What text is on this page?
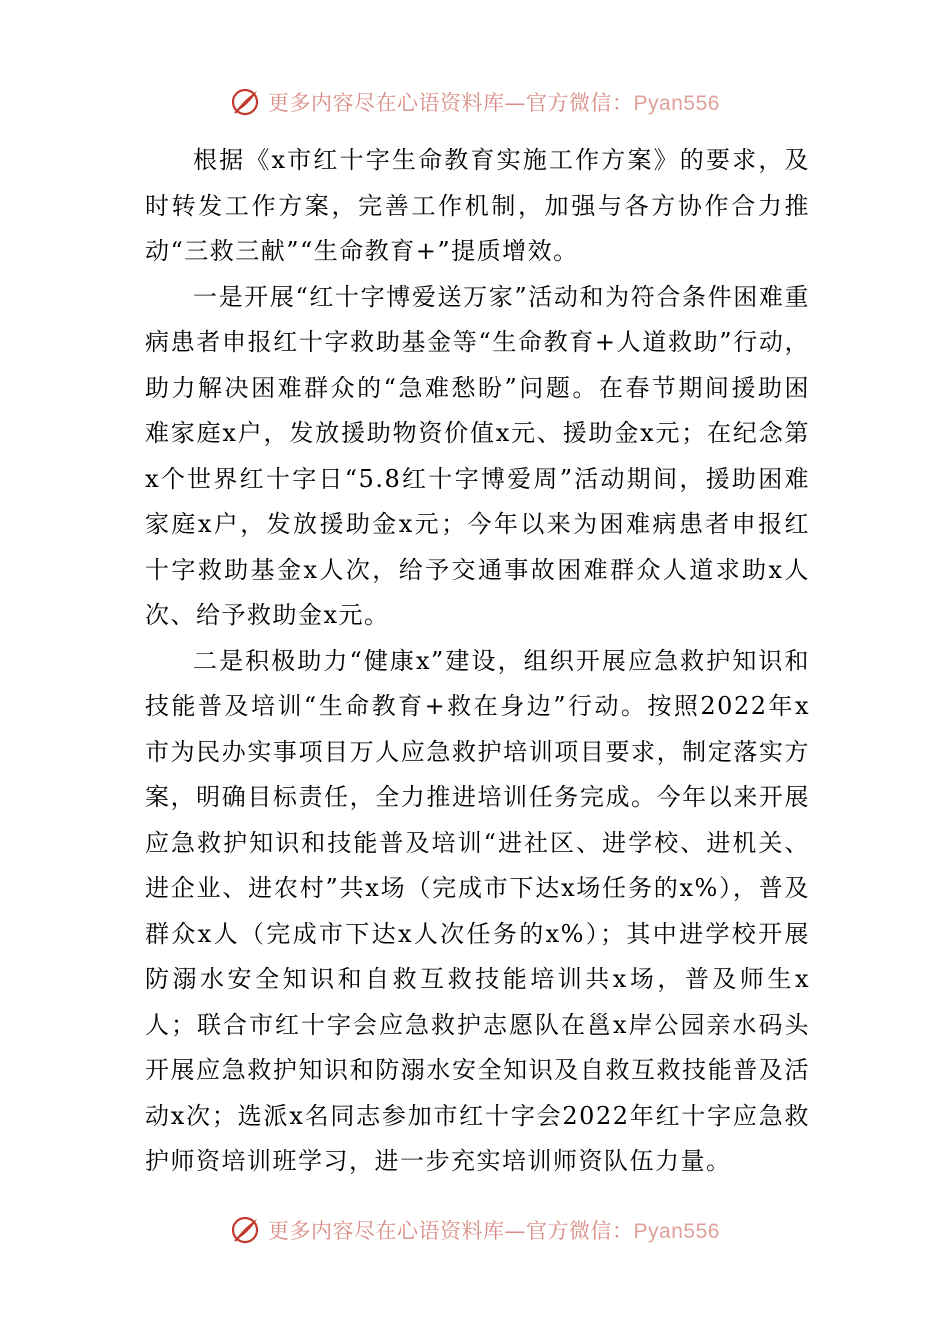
更多内容尽在心语资料库—官方微信：Pyan556

根据《x市红十字生命教育实施工作方案》的要求，及时转发工作方案，完善工作机制，加强与各方协作合力推动“三救三献”“生命教育+”提质增效。

一是开展“红十字博爱送万家”活动和为符合条件困难重病患者申报红十字救助基金等“生命教育+人道救助”行动，助力解决困难群众的“急难愁盼”问题。在春节期间援助困难家庭x户，发放援助物资价值x元、援助金x元；在纪念第x个世界红十字日“5.8红十字博爱周”活动期间，援助困难家庭x户，发放援助金x元；今年以来为困难病患者申报红十字救助基金x人次，给予交通事故困难群众人道求助x人次、给予救助金x元。

二是积极助力“健康x”建设，组织开展应急救护知识和技能普及培训“生命教育+救在身边”行动。按照2022年x市为民办实事项目万人应急救护培训项目要求，制定落实方案，明确目标责任，全力推进培训任务完成。今年以来开展应急救护知识和技能普及培训“进社区、进学校、进机关、进企业、进农村”共x场（完成市下达x场任务的x%），普及群众x人（完成市下达x人次任务的x%）；其中进学校开展防溺水安全知识和自救互救技能培训共x场，普及师生x人；联合市红十字会应急救护志愿队在邕x岸公园亲水码头开展应急救护知识和防溺水安全知识及自救互救技能普及活动x次；选派x名同志参加市红十字会2022年红十字应急救护师资培训班学习，进一步充实培训师资队伍力量。

更多内容尽在心语资料库—官方微信：Pyan556
